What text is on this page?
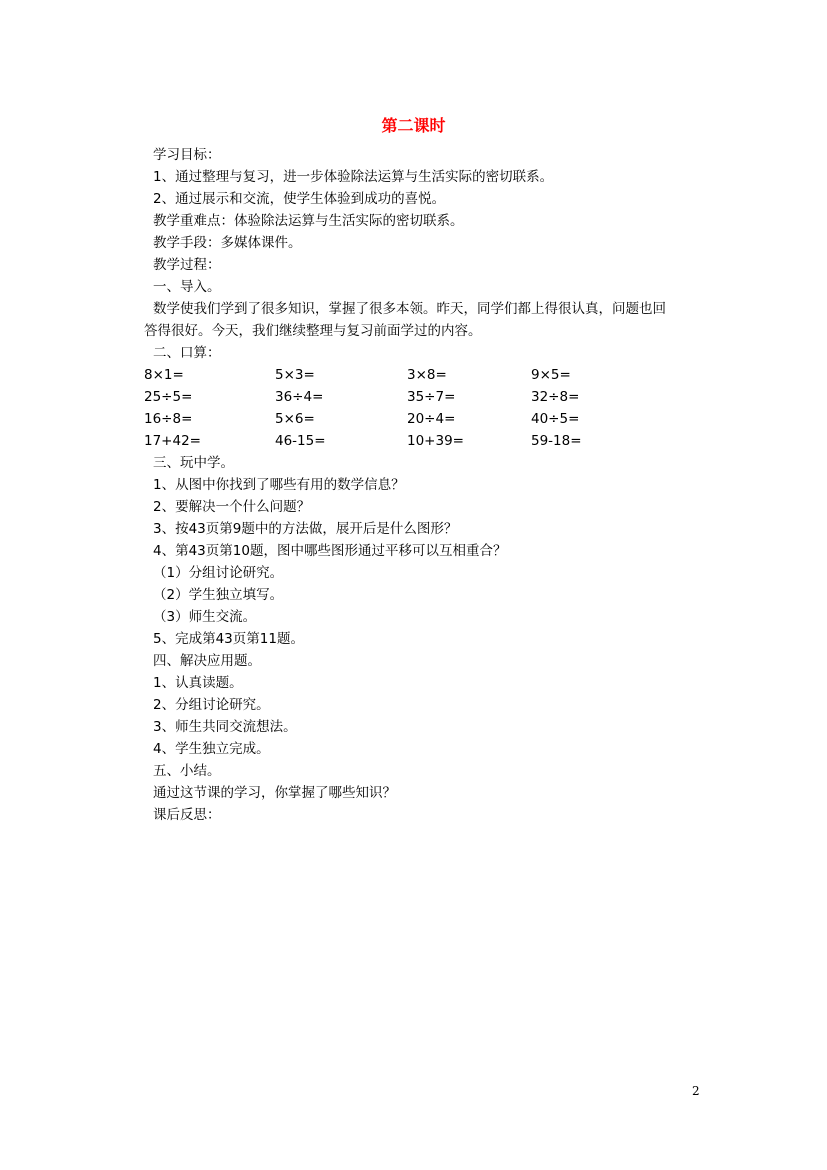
第二课时
学习目标：
1、通过整理与复习，进一步体验除法运算与生活实际的密切联系。
2、通过展示和交流，使学生体验到成功的喜悦。
教学重难点：体验除法运算与生活实际的密切联系。
教学手段：多媒体课件。
教学过程：
一、导入。
数学使我们学到了很多知识，掌握了很多本领。昨天，同学们都上得很认真，问题也回
答得很好。今天，我们继续整理与复习前面学过的内容。
二、口算：
8×1=	5×3=	3×8=	9×5=
25÷5=	36÷4=	35÷7=	32÷8=
16÷8=	5×6=	20÷4=	40÷5=
17+42=	46-15=	10+39=	59-18=
三、玩中学。
1、从图中你找到了哪些有用的数学信息？
2、要解决一个什么问题？
3、按43页第9题中的方法做，展开后是什么图形？
4、第43页第10题，图中哪些图形通过平移可以互相重合？
（1）分组讨论研究。
（2）学生独立填写。
（3）师生交流。
5、完成第43页第11题。
四、解决应用题。
1、认真读题。
2、分组讨论研究。
3、师生共同交流想法。
4、学生独立完成。
五、小结。
通过这节课的学习，你掌握了哪些知识？
课后反思：
2
